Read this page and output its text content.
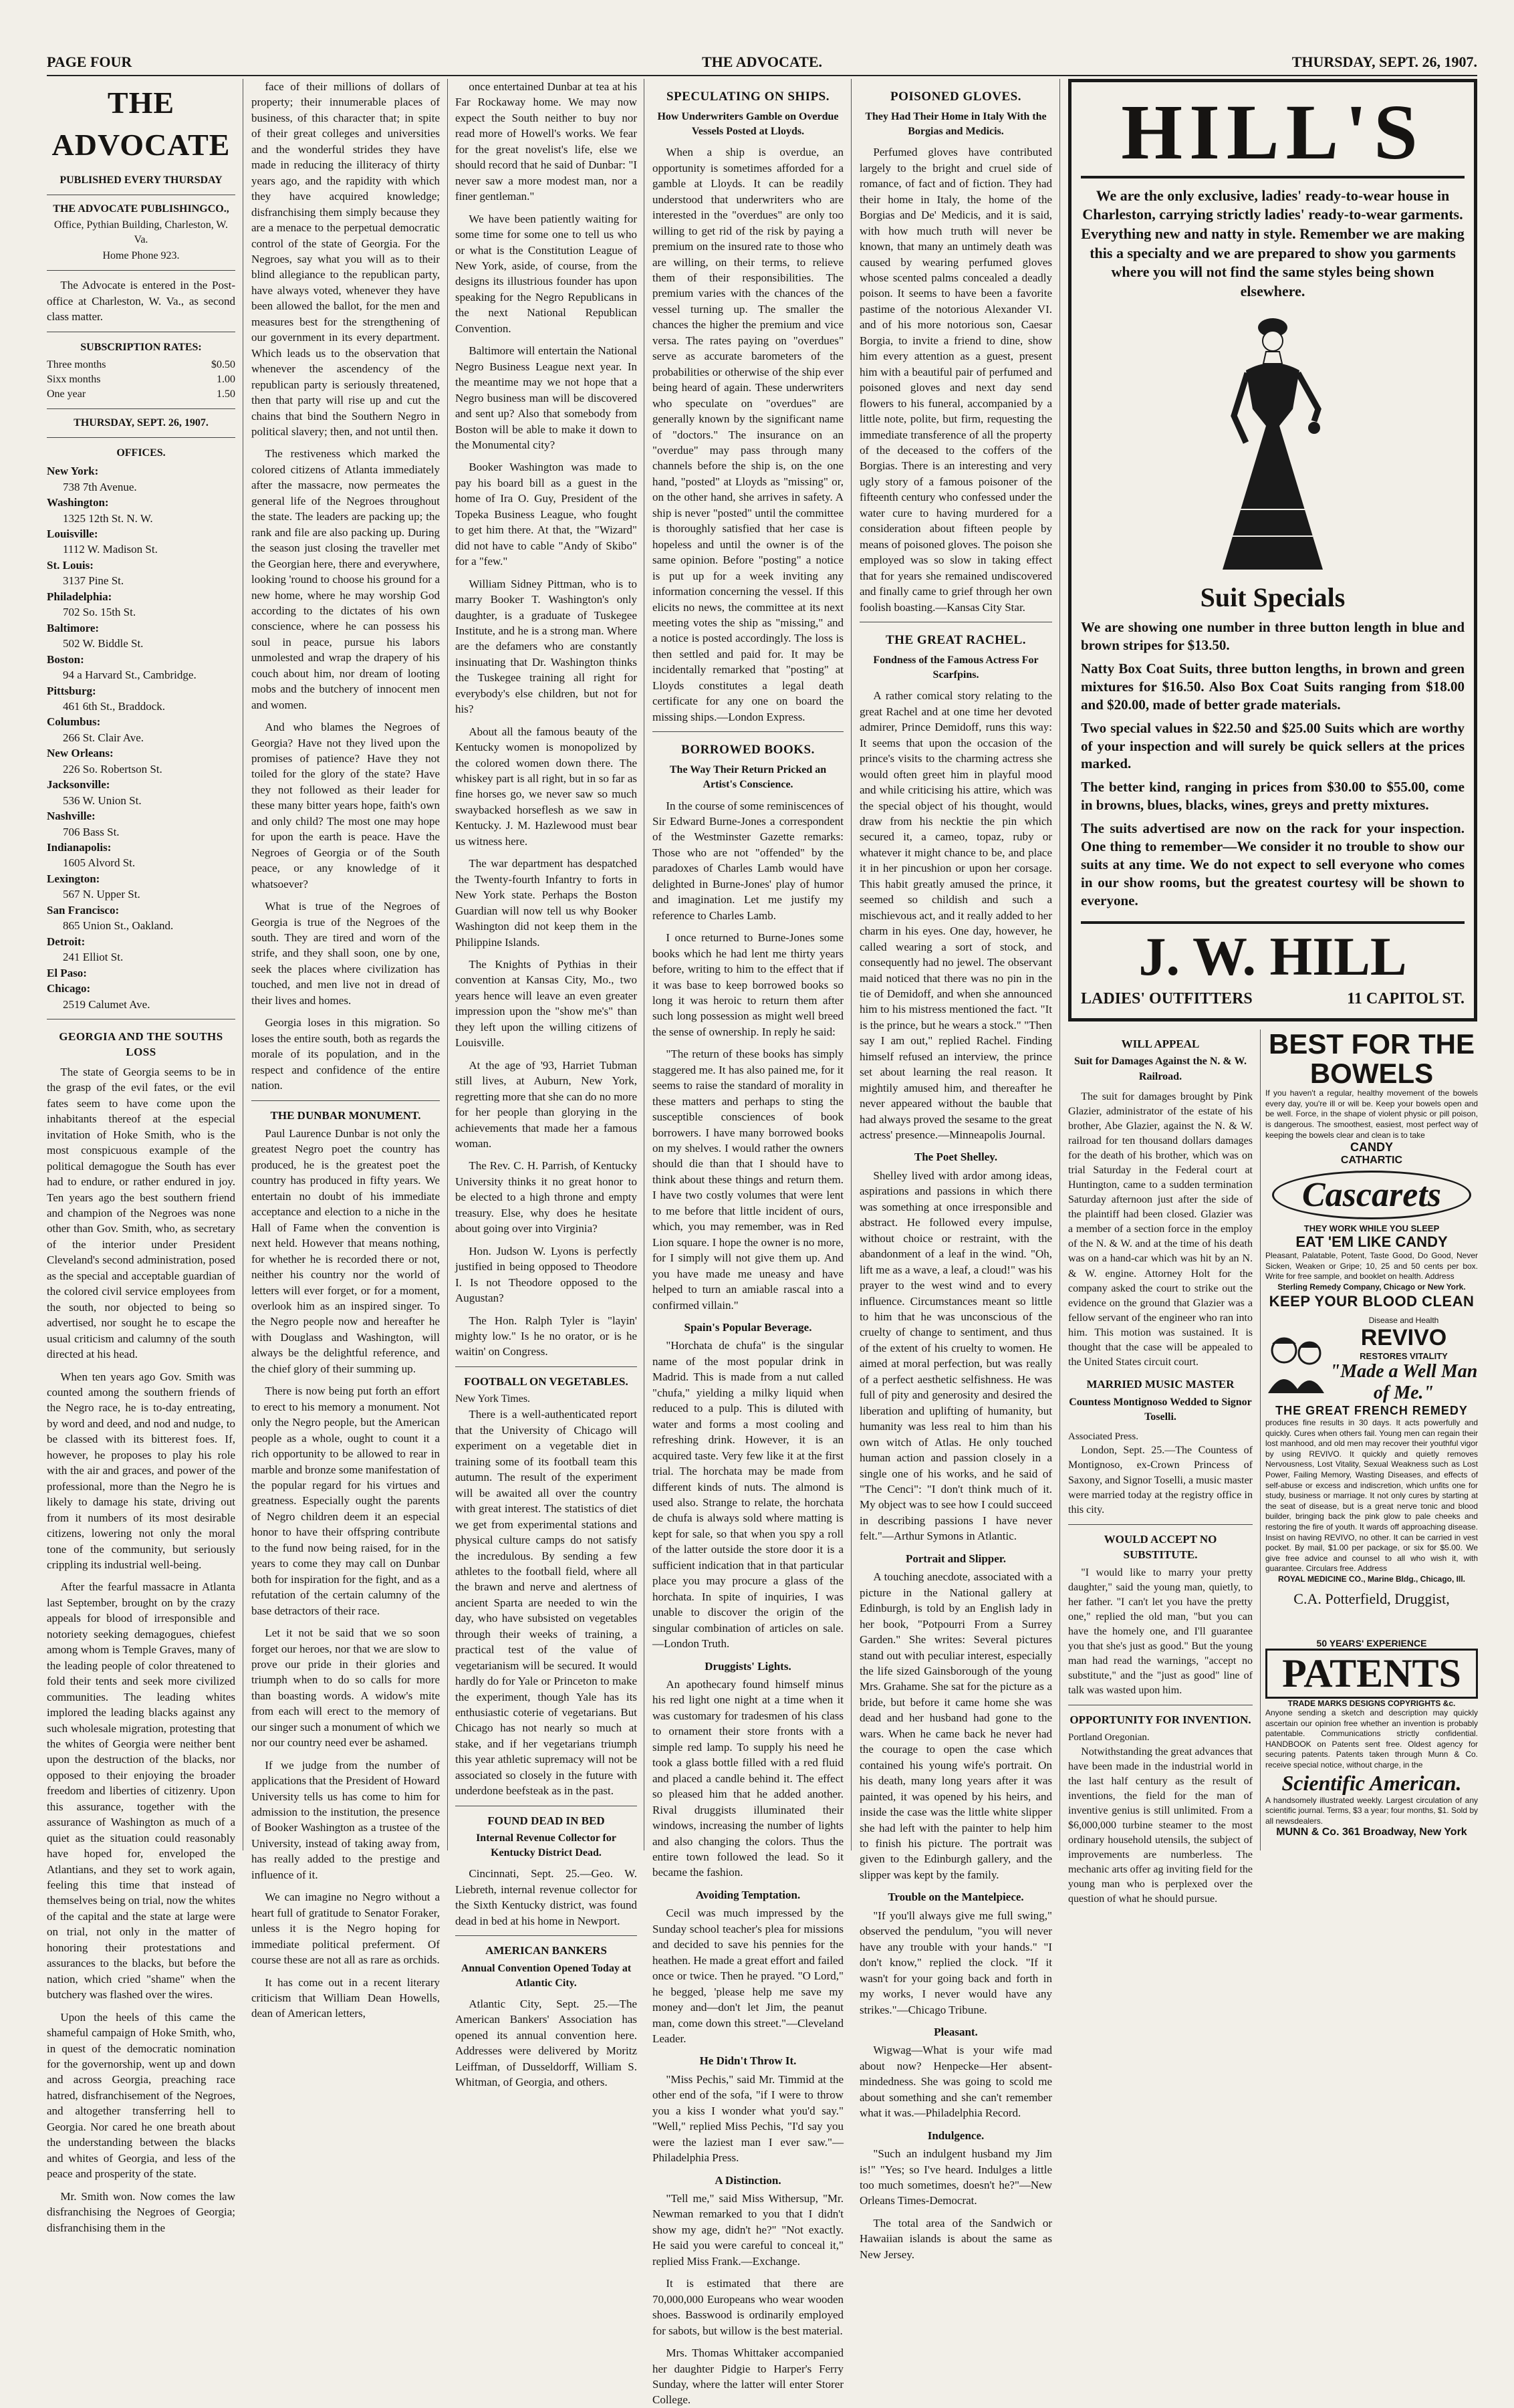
PAGE FOUR	THE ADVOCATE.	THURSDAY, SEPT. 26, 1907.
THE ADVOCATE
PUBLISHED EVERY THURSDAY
THE ADVOCATE PUBLISHINGCO.,
Office, Pythian Building, Charleston, W. Va.
Home Phone 923.

The Advocate is entered in the Post-office at Charleston, W. Va., as second class matter.

SUBSCRIPTION RATES:
Three months	$0.50
Sixx months	1.00
One year	1.50
THURSDAY, SEPT. 26, 1907.
OFFICES.
New York:
738 7th Avenue.
Washington:
1325 12th St. N. W.
Louisville:
1112 W. Madison St.
St. Louis:
3137 Pine St.
Philadelphia:
702 So. 15th St.
Baltimore:
502 W. Biddle St.
Boston:
94 a Harvard St., Cambridge.
Pittsburg:
461 6th St., Braddock.
Columbus:
266 St. Clair Ave.
New Orleans:
226 So. Robertson St.
Jacksonville:
536 W. Union St.
Nashville:
706 Bass St.
Indianapolis:
1605 Alvord St.
Lexington:
567 N. Upper St.
San Francisco:
865 Union St., Oakland.
Detroit:
241 Elliot St.
El Paso:
Chicago:
2519 Calumet Ave.
GEORGIA AND THE SOUTHS LOSS

The state of Georgia seems to be in the grasp of the evil fates, or the evil fates seem to have come upon the inhabitants thereof at the especial invitation of Hoke Smith, who is the most conspicuous example of the political demagogue the South has ever had to endure, or rather endured in joy. Ten years ago the best southern friend and champion of the Negroes was none other than Gov. Smith, who, as secretary of the interior under President Cleveland's second administration, posed as the special and acceptable guardian of the colored civil service employees from the south, nor objected to being so advertised, nor sought he to escape the usual criticism and calumny of the south directed at his head.

When ten years ago Gov. Smith was counted among the southern friends of the Negro race, he is to-day entreating, by word and deed, and nod and nudge, to be classed with its bitterest foes. If, however, he proposes to play his role with the air and graces, and power of the professional, more than the Negro he is likely to damage his state, driving out from it numbers of its most desirable citizens, lowering not only the moral tone of the community, but seriously crippling its industrial well-being.

After the fearful massacre in Atlanta last September, brought on by the crazy appeals for blood of irresponsible and notoriety seeking demagogues, chiefest among whom is Temple Graves, many of the leading people of color threatened to fold their tents and seek more civilized communities. The leading whites implored the leading blacks against any such wholesale migration, protesting that the whites of Georgia were neither bent upon the destruction of the blacks, nor opposed to their enjoying the broader freedom and liberties of citizenry. Upon this assurance, together with the assurance of Washington as much of a quiet as the situation could reasonably have hoped for, enveloped the Atlantians, and they set to work again, feeling this time that instead of themselves being on trial, now the whites of the capital and the state at large were on trial, not only in the matter of honoring their protestations and assurances to the blacks, but before the nation, which cried "shame" when the butchery was flashed over the wires.

Upon the heels of this came the shameful campaign of Hoke Smith, who, in quest of the democratic nomination for the governorship, went up and down and across Georgia, preaching race hatred, disfranchisement of the Negroes, and altogether transferring hell to Georgia. Nor cared he one breath about the understanding between the blacks and whites of Georgia, and less of the peace and prosperity of the state.

Mr. Smith won. Now comes the law disfranchising the Negroes of Georgia; disfranchising them in the

face of their millions of dollars of property; their innumerable places of business, of this character that; in spite of their great colleges and universities and the wonderful strides they have made in reducing the illiteracy of thirty years ago, and the rapidity with which they have acquired knowledge; disfranchising them simply because they are a menace to the perpetual democratic control of the state of Georgia. For the Negroes, say what you will as to their blind allegiance to the republican party, have always voted, whenever they have been allowed the ballot, for the men and measures best for the strengthening of our government in its every department. Which leads us to the observation that whenever the ascendency of the republican party is seriously threatened, then that party will rise up and cut the chains that bind the Southern Negro in political slavery; then, and not until then.

The restiveness which marked the colored citizens of Atlanta immediately after the massacre, now permeates the general life of the Negroes throughout the state. The leaders are packing up; the rank and file are also packing up. During the season just closing the traveller met the Georgian here, there and everywhere, looking 'round to choose his ground for a new home, where he may worship God according to the dictates of his own conscience, where he can possess his soul in peace, pursue his labors unmolested and wrap the drapery of his couch about him, nor dream of looting mobs and the butchery of innocent men and women.

And who blames the Negroes of Georgia? Have not they lived upon the promises of patience? Have they not toiled for the glory of the state? Have they not followed as their leader for these many bitter years hope, faith's own and only child? The most one may hope for upon the earth is peace. Have the Negroes of Georgia or of the South peace, or any knowledge of it whatsoever?

What is true of the Negroes of Georgia is true of the Negroes of the south. They are tired and worn of the strife, and they shall soon, one by one, seek the places where civilization has touched, and men live not in dread of their lives and homes.

Georgia loses in this migration. So loses the entire south, both as regards the morale of its population, and in the respect and confidence of the entire nation.

THE DUNBAR MONUMENT.

Paul Laurence Dunbar is not only the greatest Negro poet the country has produced, he is the greatest poet the country has produced in fifty years. We entertain no doubt of his immediate acceptance and election to a niche in the Hall of Fame when the convention is next held. However that means nothing, for whether he is recorded there or not, neither his country nor the world of letters will ever forget, or for a moment, overlook him as an inspired singer. To the Negro people now and hereafter he with Douglass and Washington, will always be the delightful reference, and the chief glory of their summing up.

There is now being put forth an effort to erect to his memory a monument. Not only the Negro people, but the American people as a whole, ought to count it a rich opportunity to be allowed to rear in marble and bronze some manifestation of the popular regard for his virtues and greatness. Especially ought the parents of Negro children deem it an especial honor to have their offspring contribute to the fund now being raised, for in the years to come they may call on Dunbar both for inspiration for the fight, and as a refutation of the certain calumny of the base detractors of their race.

Let it not be said that we so soon forget our heroes, nor that we are slow to prove our pride in their glories and triumph when to do so calls for more than boasting words. A widow's mite from each will erect to the memory of our singer such a monument of which we nor our country need ever be ashamed.

If we judge from the number of applications that the President of Howard University tells us has come to him for admission to the institution, the presence of Booker Washington as a trustee of the University, instead of taking away from, has really added to the prestige and influence of it.

We can imagine no Negro without a heart full of gratitude to Senator Foraker, unless it is the Negro hoping for immediate political preferment. Of course these are not all as rare as orchids.

It has come out in a recent literary criticism that William Dean Howells, dean of American letters,

once entertained Dunbar at tea at his Far Rockaway home. We may now expect the South neither to buy nor read more of Howell's works. We fear for the great novelist's life, else we should record that he said of Dunbar: "I never saw a more modest man, nor a finer gentleman."

We have been patiently waiting for some time for some one to tell us who or what is the Constitution League of New York, aside, of course, from the designs its illustrious founder has upon speaking for the Negro Republicans in the next National Republican Convention.

Baltimore will entertain the National Negro Business League next year. In the meantime may we not hope that a Negro business man will be discovered and sent up? Also that somebody from Boston will be able to make it down to the Monumental city?

Booker Washington was made to pay his board bill as a guest in the home of Ira O. Guy, President of the Topeka Business League, who fought to get him there. At that, the "Wizard" did not have to cable "Andy of Skibo" for a "few."

William Sidney Pittman, who is to marry Booker T. Washington's only daughter, is a graduate of Tuskegee Institute, and he is a strong man. Where are the defamers who are constantly insinuating that Dr. Washington thinks the Tuskegee training all right for everybody's else children, but not for his?

About all the famous beauty of the Kentucky women is monopolized by the colored women down there. The whiskey part is all right, but in so far as fine horses go, we never saw so much swaybacked horseflesh as we saw in Kentucky. J. M. Hazlewood must bear us witness here.

The war department has despatched the Twenty-fourth Infantry to forts in New York state. Perhaps the Boston Guardian will now tell us why Booker Washington did not keep them in the Philippine Islands.

The Knights of Pythias in their convention at Kansas City, Mo., two years hence will leave an even greater impression upon the "show me's" than they left upon the willing citizens of Louisville.

At the age of '93, Harriet Tubman still lives, at Auburn, New York, regretting more that she can do no more for her people than glorying in the achievements that made her a famous woman.

The Rev. C. H. Parrish, of Kentucky University thinks it no great honor to be elected to a high throne and empty treasury. Else, why does he hesitate about going over into Virginia?

Hon. Judson W. Lyons is perfectly justified in being opposed to Theodore I. Is not Theodore opposed to the Augustan?

The Hon. Ralph Tyler is "layin' mighty low." Is he no orator, or is he waitin' on Congress.

FOOTBALL ON VEGETABLES.
New York Times.

There is a well-authenticated report that the University of Chicago will experiment on a vegetable diet in training some of its football team this autumn. The result of the experiment will be awaited all over the country with great interest. The statistics of diet we get from experimental stations and physical culture camps do not satisfy the incredulous. By sending a few athletes to the football field, where all the brawn and nerve and alertness of ancient Sparta are needed to win the day, who have subsisted on vegetables through their weeks of training, a practical test of the value of vegetarianism will be secured. It would hardly do for Yale or Princeton to make the experiment, though Yale has its enthusiastic coterie of vegetarians. But Chicago has not nearly so much at stake, and if her vegetarians triumph this year athletic supremacy will not be associated so closely in the future with underdone beefsteak as in the past.

FOUND DEAD IN BED
Internal Revenue Collector for Kentucky District Dead.

Cincinnati, Sept. 25.—Geo. W. Liebreth, internal revenue collector for the Sixth Kentucky district, was found dead in bed at his home in Newport.

AMERICAN BANKERS
Annual Convention Opened Today at Atlantic City.

Atlantic City, Sept. 25.—The American Bankers' Association has opened its annual convention here. Addresses were delivered by Moritz Leiffman, of Dusseldorff, William S. Whitman, of Georgia, and others.

SPECULATING ON SHIPS.
How Underwriters Gamble on Overdue Vessels Posted at Lloyds.

When a ship is overdue, an opportunity is sometimes afforded for a gamble at Lloyds. It can be readily understood that underwriters who are interested in the "overdues" are only too willing to get rid of the risk by paying a premium on the insured rate to those who are willing, on their terms, to relieve them of their responsibilities. The premium varies with the chances of the vessel turning up. The smaller the chances the higher the premium and vice versa. The rates paying on "overdues" serve as accurate barometers of the probabilities or otherwise of the ship ever being heard of again. These underwriters who speculate on "overdues" are generally known by the significant name of "doctors." The insurance on an "overdue" may pass through many channels before the ship is, on the one hand, "posted" at Lloyds as "missing" or, on the other hand, she arrives in safety. A ship is never "posted" until the committee is thoroughly satisfied that her case is hopeless and until the owner is of the same opinion. Before "posting" a notice is put up for a week inviting any information concerning the vessel. If this elicits no news, the committee at its next meeting votes the ship as "missing," and a notice is posted accordingly. The loss is then settled and paid for. It may be incidentally remarked that "posting" at Lloyds constitutes a legal death certificate for any one on board the missing ships.—London Express.

BORROWED BOOKS.
The Way Their Return Pricked an Artist's Conscience.

In the course of some reminiscences of Sir Edward Burne-Jones a correspondent of the Westminster Gazette remarks: Those who are not "offended" by the paradoxes of Charles Lamb would have delighted in Burne-Jones' play of humor and imagination. Let me justify my reference to Charles Lamb.

I once returned to Burne-Jones some books which he had lent me thirty years before, writing to him to the effect that if it was base to keep borrowed books so long it was heroic to return them after such long possession as might well breed the sense of ownership. In reply he said:

"The return of these books has simply staggered me. It has also pained me, for it seems to raise the standard of morality in these matters and perhaps to sting the susceptible consciences of book borrowers. I have many borrowed books on my shelves. I would rather the owners should die than that I should have to think about these things and return them. I have two costly volumes that were lent to me before that little incident of ours, which, you may remember, was in Red Lion square. I hope the owner is no more, for I simply will not give them up. And you have made me uneasy and have helped to turn an amiable rascal into a confirmed villain."

Spain's Popular Beverage.

"Horchata de chufa" is the singular name of the most popular drink in Madrid. This is made from a nut called "chufa," yielding a milky liquid when reduced to a pulp. This is diluted with water and forms a most cooling and refreshing drink. However, it is an acquired taste. Very few like it at the first trial. The horchata may be made from different kinds of nuts. The almond is used also. Strange to relate, the horchata de chufa is always sold where matting is kept for sale, so that when you spy a roll of the latter outside the store door it is a sufficient indication that in that particular place you may procure a glass of the horchata. In spite of inquiries, I was unable to discover the origin of the singular combination of articles on sale.—London Truth.

Druggists' Lights.

An apothecary found himself minus his red light one night at a time when it was customary for tradesmen of his class to ornament their store fronts with a simple red lamp. To supply his need he took a glass bottle filled with a red fluid and placed a candle behind it. The effect so pleased him that he added another. Rival druggists illuminated their windows, increasing the number of lights and also changing the colors. Thus the entire town followed the lead. So it became the fashion.

Avoiding Temptation.

Cecil was much impressed by the Sunday school teacher's plea for missions and decided to save his pennies for the heathen. He made a great effort and failed once or twice. Then he prayed. "O Lord," he begged, 'please help me save my money and—don't let Jim, the peanut man, come down this street."—Cleveland Leader.

He Didn't Throw It.

"Miss Pechis," said Mr. Timmid at the other end of the sofa, "if I were to throw you a kiss I wonder what you'd say." "Well," replied Miss Pechis, "I'd say you were the laziest man I ever saw."—Philadelphia Press.

A Distinction.

"Tell me," said Miss Withersup, "Mr. Newman remarked to you that I didn't show my age, didn't he?" "Not exactly. He said you were careful to conceal it," replied Miss Frank.—Exchange.

It is estimated that there are 70,000,000 Europeans who wear wooden shoes. Basswood is ordinarily employed for sabots, but willow is the best material.

Mrs. Thomas Whittaker accompanied her daughter Pidgie to Harper's Ferry Sunday, where the latter will enter Storer College.

POISONED GLOVES.
They Had Their Home in Italy With the Borgias and Medicis.

Perfumed gloves have contributed largely to the bright and cruel side of romance, of fact and of fiction. They had their home in Italy, the home of the Borgias and De' Medicis, and it is said, with how much truth will never be known, that many an untimely death was caused by wearing perfumed gloves whose scented palms concealed a deadly poison. It seems to have been a favorite pastime of the notorious Alexander VI. and of his more notorious son, Caesar Borgia, to invite a friend to dine, show him every attention as a guest, present him with a beautiful pair of perfumed and poisoned gloves and next day send flowers to his funeral, accompanied by a little note, polite, but firm, requesting the immediate transference of all the property of the deceased to the coffers of the Borgias. There is an interesting and very ugly story of a famous poisoner of the fifteenth century who confessed under the water cure to having murdered for a consideration about fifteen people by means of poisoned gloves. The poison she employed was so slow in taking effect that for years she remained undiscovered and finally came to grief through her own foolish boasting.—Kansas City Star.

THE GREAT RACHEL.
Fondness of the Famous Actress For Scarfpins.

A rather comical story relating to the great Rachel and at one time her devoted admirer, Prince Demidoff, runs this way: It seems that upon the occasion of the prince's visits to the charming actress she would often greet him in playful mood and while criticising his attire, which was the special object of his thought, would draw from his necktie the pin which secured it, a cameo, topaz, ruby or whatever it might chance to be, and place it in her pincushion or upon her corsage. This habit greatly amused the prince, it seemed so childish and such a mischievous act, and it really added to her charm in his eyes. One day, however, he called wearing a sort of stock, and consequently had no jewel. The observant maid noticed that there was no pin in the tie of Demidoff, and when she announced him to his mistress mentioned the fact. "It is the prince, but he wears a stock." "Then say I am out," replied Rachel. Finding himself refused an interview, the prince set about learning the real reason. It mightily amused him, and thereafter he never appeared without the bauble that had always proved the sesame to the great actress' presence.—Minneapolis Journal.

The Poet Shelley.

Shelley lived with ardor among ideas, aspirations and passions in which there was something at once irresponsible and abstract. He followed every impulse, without choice or restraint, with the abandonment of a leaf in the wind. "Oh, lift me as a wave, a leaf, a cloud!" was his prayer to the west wind and to every influence. Circumstances meant so little to him that he was unconscious of the cruelty of change to sentiment, and thus of the extent of his cruelty to women. He aimed at moral perfection, but was really of a perfect aesthetic selfishness. He was full of pity and generosity and desired the liberation and uplifting of humanity, but humanity was less real to him than his own witch of Atlas. He only touched human action and passion closely in a single one of his works, and he said of "The Cenci": "I don't think much of it. My object was to see how I could succeed in describing passions I have never felt."—Arthur Symons in Atlantic.

Portrait and Slipper.

A touching anecdote, associated with a picture in the National gallery at Edinburgh, is told by an English lady in her book, "Potpourri From a Surrey Garden." She writes: Several pictures stand out with peculiar interest, especially the life sized Gainsborough of the young Mrs. Grahame. She sat for the picture as a bride, but before it came home she was dead and her husband had gone to the wars. When he came back he never had the courage to open the case which contained his young wife's portrait. On his death, many long years after it was painted, it was opened by his heirs, and inside the case was the little white slipper she had left with the painter to help him to finish his picture. The portrait was given to the Edinburgh gallery, and the slipper was kept by the family.

Trouble on the Mantelpiece.

"If you'll always give me full swing," observed the pendulum, "you will never have any trouble with your hands." "I don't know," replied the clock. "If it wasn't for your going back and forth in my works, I never would have any strikes."—Chicago Tribune.

Pleasant.

Wigwag—What is your wife mad about now? Henpecke—Her absent-mindedness. She was going to scold me about something and she can't remember what it was.—Philadelphia Record.

Indulgence.

"Such an indulgent husband my Jim is!" "Yes; so I've heard. Indulges a little too much sometimes, doesn't he?"—New Orleans Times-Democrat.

The total area of the Sandwich or Hawaiian islands is about the same as New Jersey.

HILL'S
We are the only exclusive, ladies' ready-to-wear house in Charleston, carrying strictly ladies' ready-to-wear garments. Everything new and natty in style. Remember we are making this a specialty and we are prepared to show you garments where you will not find the same styles being shown elsewhere.
Suit Specials

We are showing one number in three button length in blue and brown stripes for $13.50.

Natty Box Coat Suits, three button lengths, in brown and green mixtures for $16.50. Also Box Coat Suits ranging from $18.00 and $20.00, made of better grade materials.

Two special values in $22.50 and $25.00 Suits which are worthy of your inspection and will surely be quick sellers at the prices marked.

The better kind, ranging in prices from $30.00 to $55.00, come in browns, blues, blacks, wines, greys and pretty mixtures.

The suits advertised are now on the rack for your inspection. One thing to remember—We consider it no trouble to show our suits at any time. We do not expect to sell everyone who comes in our show rooms, but the greatest courtesy will be shown to everyone.

J. W. HILL
LADIES' OUTFITTERS	11 CAPITOL ST.
WILL APPEAL
Suit for Damages Against the N. & W. Railroad.

The suit for damages brought by Pink Glazier, administrator of the estate of his brother, Abe Glazier, against the N. & W. railroad for ten thousand dollars damages for the death of his brother, which was on trial Saturday in the Federal court at Huntington, came to a sudden termination Saturday afternoon just after the side of the plaintiff had been closed. Glazier was a member of a section force in the employ of the N. & W. and at the time of his death was on a hand-car which was hit by an N. & W. engine. Attorney Holt for the company asked the court to strike out the evidence on the ground that Glazier was a fellow servant of the engineer who ran into him. This motion was sustained. It is thought that the case will be appealed to the United States circuit court.

MARRIED MUSIC MASTER
Countess Montignoso Wedded to Signor Toselli.
Associated Press.

London, Sept. 25.—The Countess of Montignoso, ex-Crown Princess of Saxony, and Signor Toselli, a music master were married today at the registry office in this city.

WOULD ACCEPT NO SUBSTITUTE.

"I would like to marry your pretty daughter," said the young man, quietly, to her father. "I can't let you have the pretty one," replied the old man, "but you can have the homely one, and I'll guarantee you that she's just as good." But the young man had read the warnings, "accept no substitute," and the "just as good" line of talk was wasted upon him.

OPPORTUNITY FOR INVENTION.
Portland Oregonian.

Notwithstanding the great advances that have been made in the industrial world in the last half century as the result of inventions, the field for the man of inventive genius is still unlimited. From a $6,000,000 turbine steamer to the most ordinary household utensils, the subject of improvements are numberless. The mechanic arts offer ag inviting field for the young man who is perplexed over the question of what he should pursue.

BEST FOR THE
BOWELS
If you haven't a regular, healthy movement of the bowels every day, you're ill or will be. Keep your bowels open and be well. Force, in the shape of violent physic or pill poison, is dangerous. The smoothest, easiest, most perfect way of keeping the bowels clear and clean is to take
CANDY
CATHARTIC
Cascarets
THEY WORK WHILE YOU SLEEP
EAT 'EM LIKE CANDY
Pleasant, Palatable, Potent, Taste Good, Do Good, Never Sicken, Weaken or Gripe; 10, 25 and 50 cents per box. Write for free sample, and booklet on health. Address
Sterling Remedy Company, Chicago or New York.
KEEP YOUR BLOOD CLEAN
Disease and Health
REVIVO
RESTORES VITALITY
"Made a Well Man of Me."
THE GREAT FRENCH REMEDY
produces fine results in 30 days. It acts powerfully and quickly. Cures when others fail. Young men can regain their lost manhood, and old men may recover their youthful vigor by using REVIVO. It quickly and quietly removes Nervousness, Lost Vitality, Sexual Weakness such as Lost Power, Failing Memory, Wasting Diseases, and effects of self-abuse or excess and indiscretion, which unfits one for study, business or marriage. It not only cures by starting at the seat of disease, but is a great nerve tonic and blood builder, bringing back the pink glow to pale cheeks and restoring the fire of youth. It wards off approaching disease. Insist on having REVIVO, no other. It can be carried in vest pocket. By mail, $1.00 per package, or six for $5.00. We give free advice and counsel to all who wish it, with guarantee. Circulars free. Address
ROYAL MEDICINE CO., Marine Bldg., Chicago, Ill.
C.A. Potterfield, Druggist,
50 YEARS' EXPERIENCE
PATENTS
TRADE MARKS DESIGNS COPYRIGHTS &c.
Anyone sending a sketch and description may quickly ascertain our opinion free whether an invention is probably patentable. Communications strictly confidential. HANDBOOK on Patents sent free. Oldest agency for securing patents. Patents taken through Munn & Co. receive special notice, without charge, in the
Scientific American.
A handsomely illustrated weekly. Largest circulation of any scientific journal. Terms, $3 a year; four months, $1. Sold by all newsdealers.
MUNN & Co. 361 Broadway, New York
